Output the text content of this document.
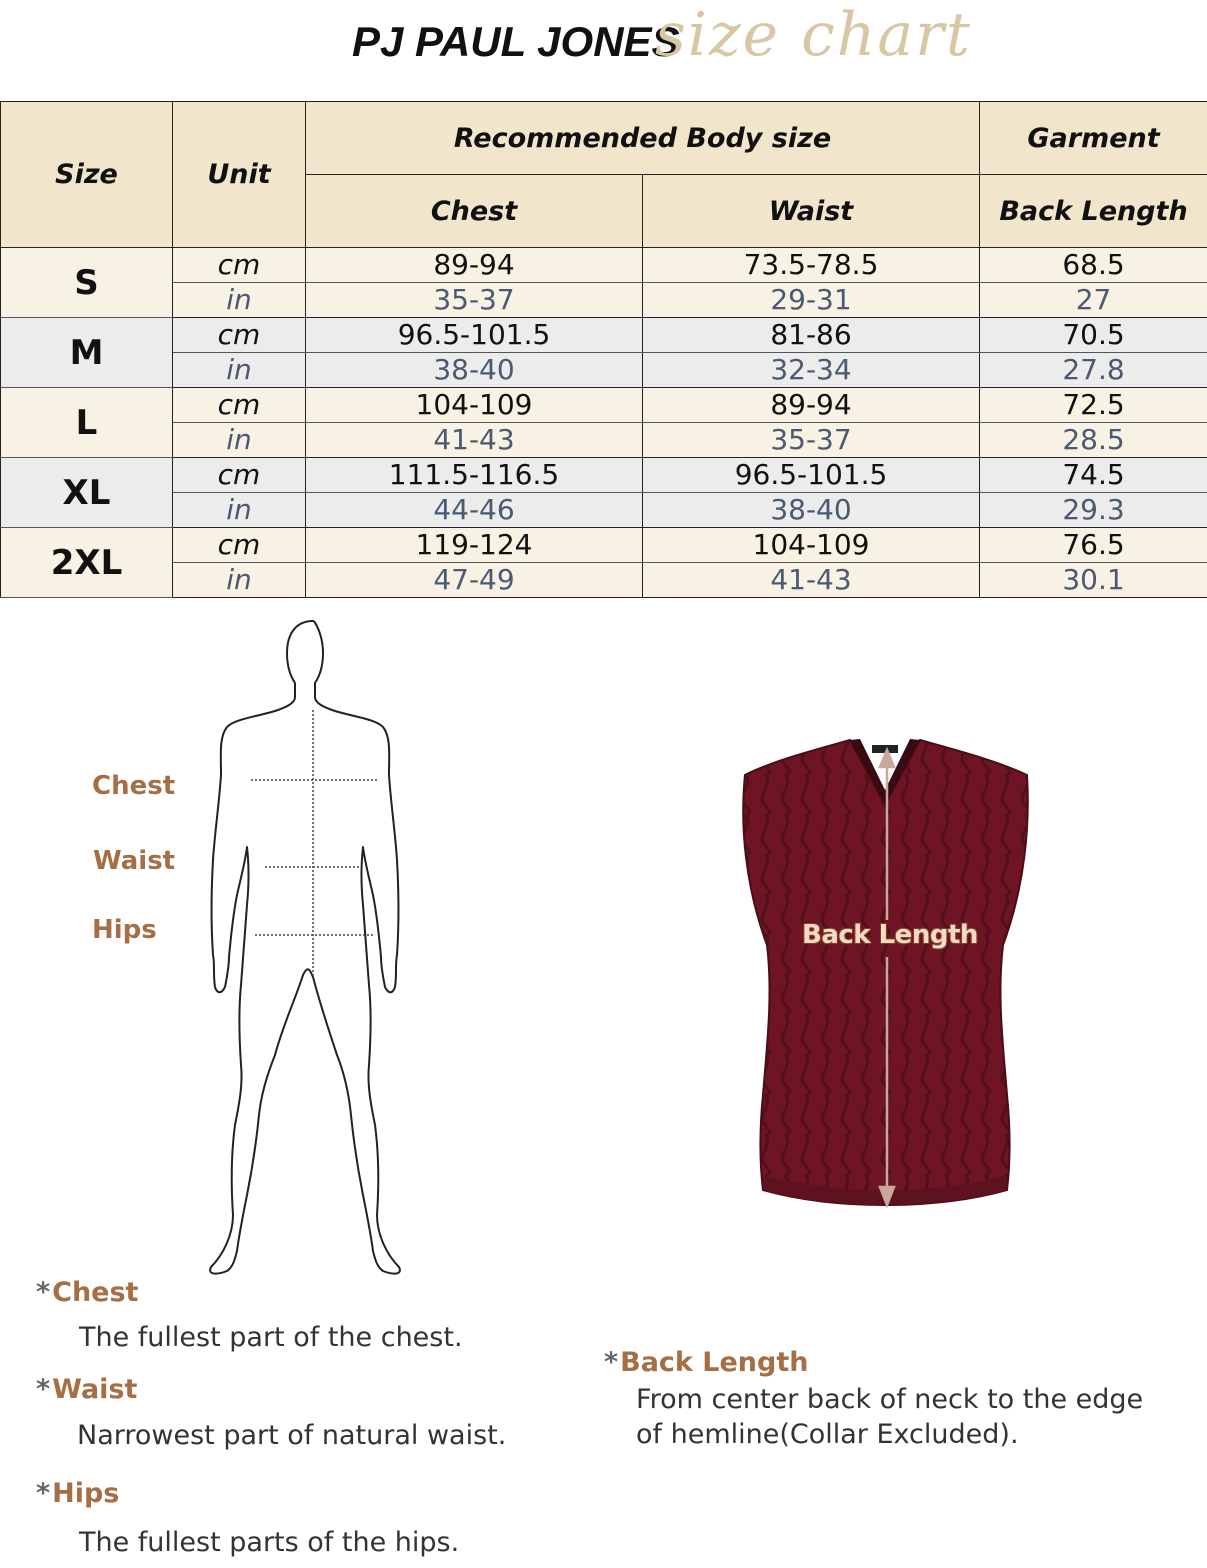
PJ PAUL JONES
size chart
Size	Unit	Recommended Body size		Garment
		Chest	Waist	Back Length
S	cm	89-94	73.5-78.5	68.5
	in	35-37	29-31	27
M	cm	96.5-101.5	81-86	70.5
	in	38-40	32-34	27.8
L	cm	104-109	89-94	72.5
	in	41-43	35-37	28.5
XL	cm	111.5-116.5	96.5-101.5	74.5
	in	44-46	38-40	29.3
2XL	cm	119-124	104-109	76.5
	in	47-49	41-43	30.1
Chest
Waist
Hips	Back Length
*Chest
The fullest part of the chest.
*Waist
Narrowest part of natural waist.
*Hips
The fullest parts of the hips.
*Back Length
From center back of neck to the edge
of hemline(Collar Excluded).
